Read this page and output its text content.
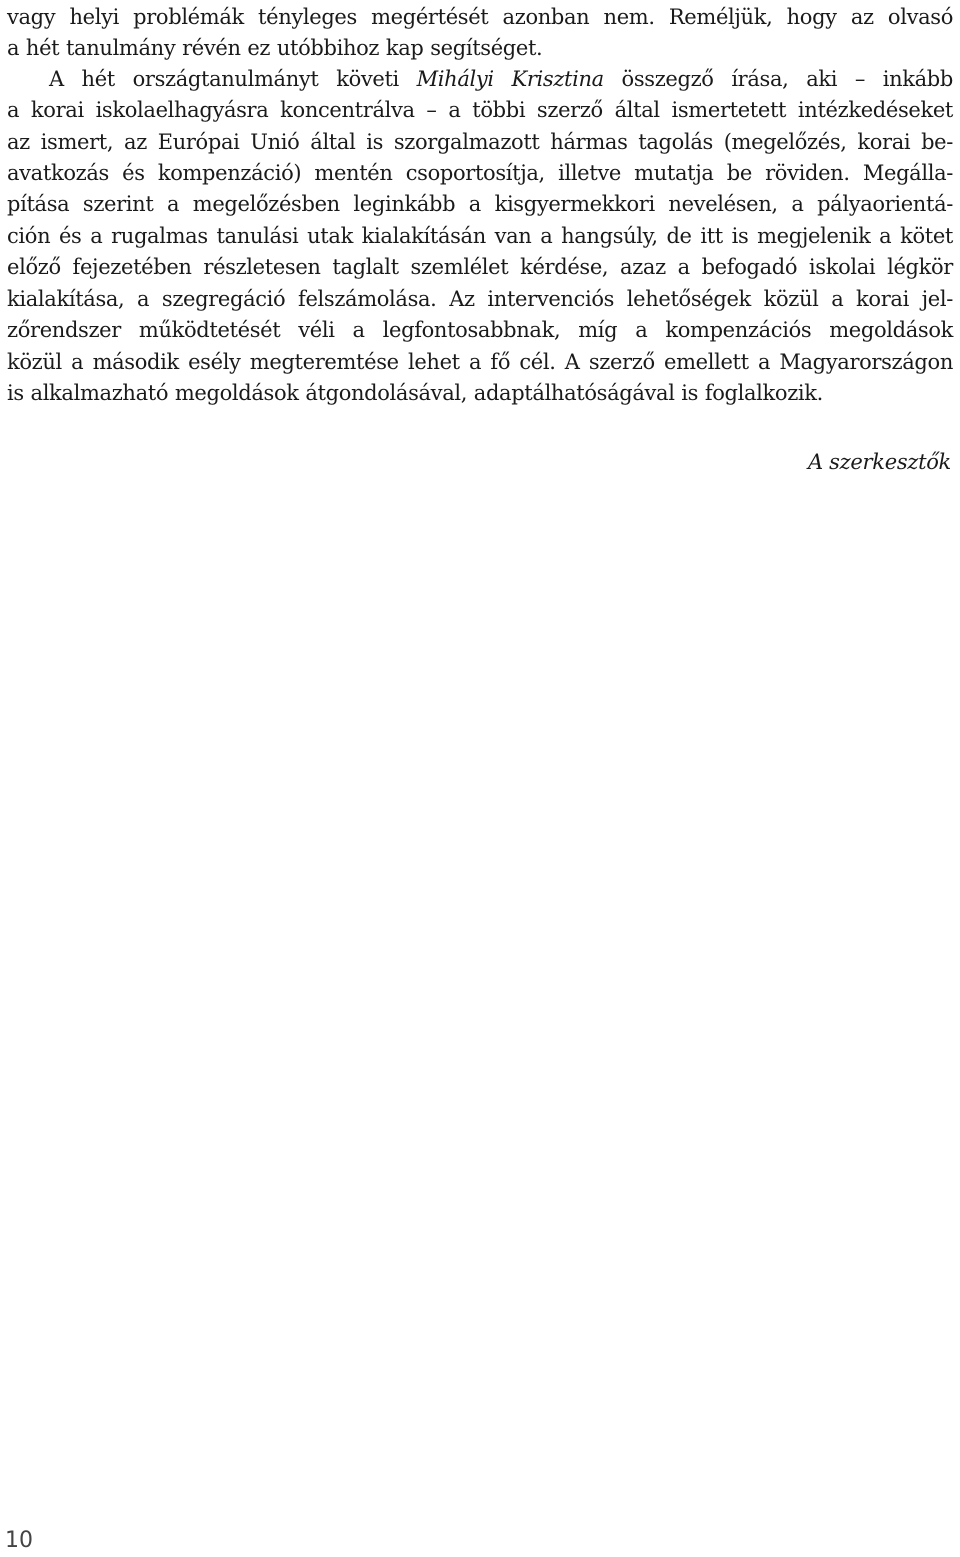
vagy helyi problémák tényleges megértését azonban nem. Reméljük, hogy az olvasó

a hét tanulmány révén ez utóbbihoz kap segítséget.

A hét országtanulmányt követi Mihályi Krisztina összegző írása, aki – inkább

a korai iskolaelhagyásra koncentrálva – a többi szerző által ismertetett intézkedéseket

az ismert, az Európai Unió által is szorgalmazott hármas tagolás (megelőzés, korai be-

avatkozás és kompenzáció) mentén csoportosítja, illetve mutatja be röviden. Megálla-

pítása szerint a megelőzésben leginkább a kisgyermekkori nevelésen, a pályaorientá-

ción és a rugalmas tanulási utak kialakításán van a hangsúly, de itt is megjelenik a kötet

előző fejezetében részletesen taglalt szemlélet kérdése, azaz a befogadó iskolai légkör

kialakítása, a szegregáció felszámolása. Az intervenciós lehetőségek közül a korai jel-

zőrendszer működtetését véli a legfontosabbnak, míg a kompenzációs megoldások

közül a második esély megteremtése lehet a fő cél. A szerző emellett a Magyarországon

is alkalmazható megoldások átgondolásával, adaptálhatóságával is foglalkozik.

A szerkesztők
10
